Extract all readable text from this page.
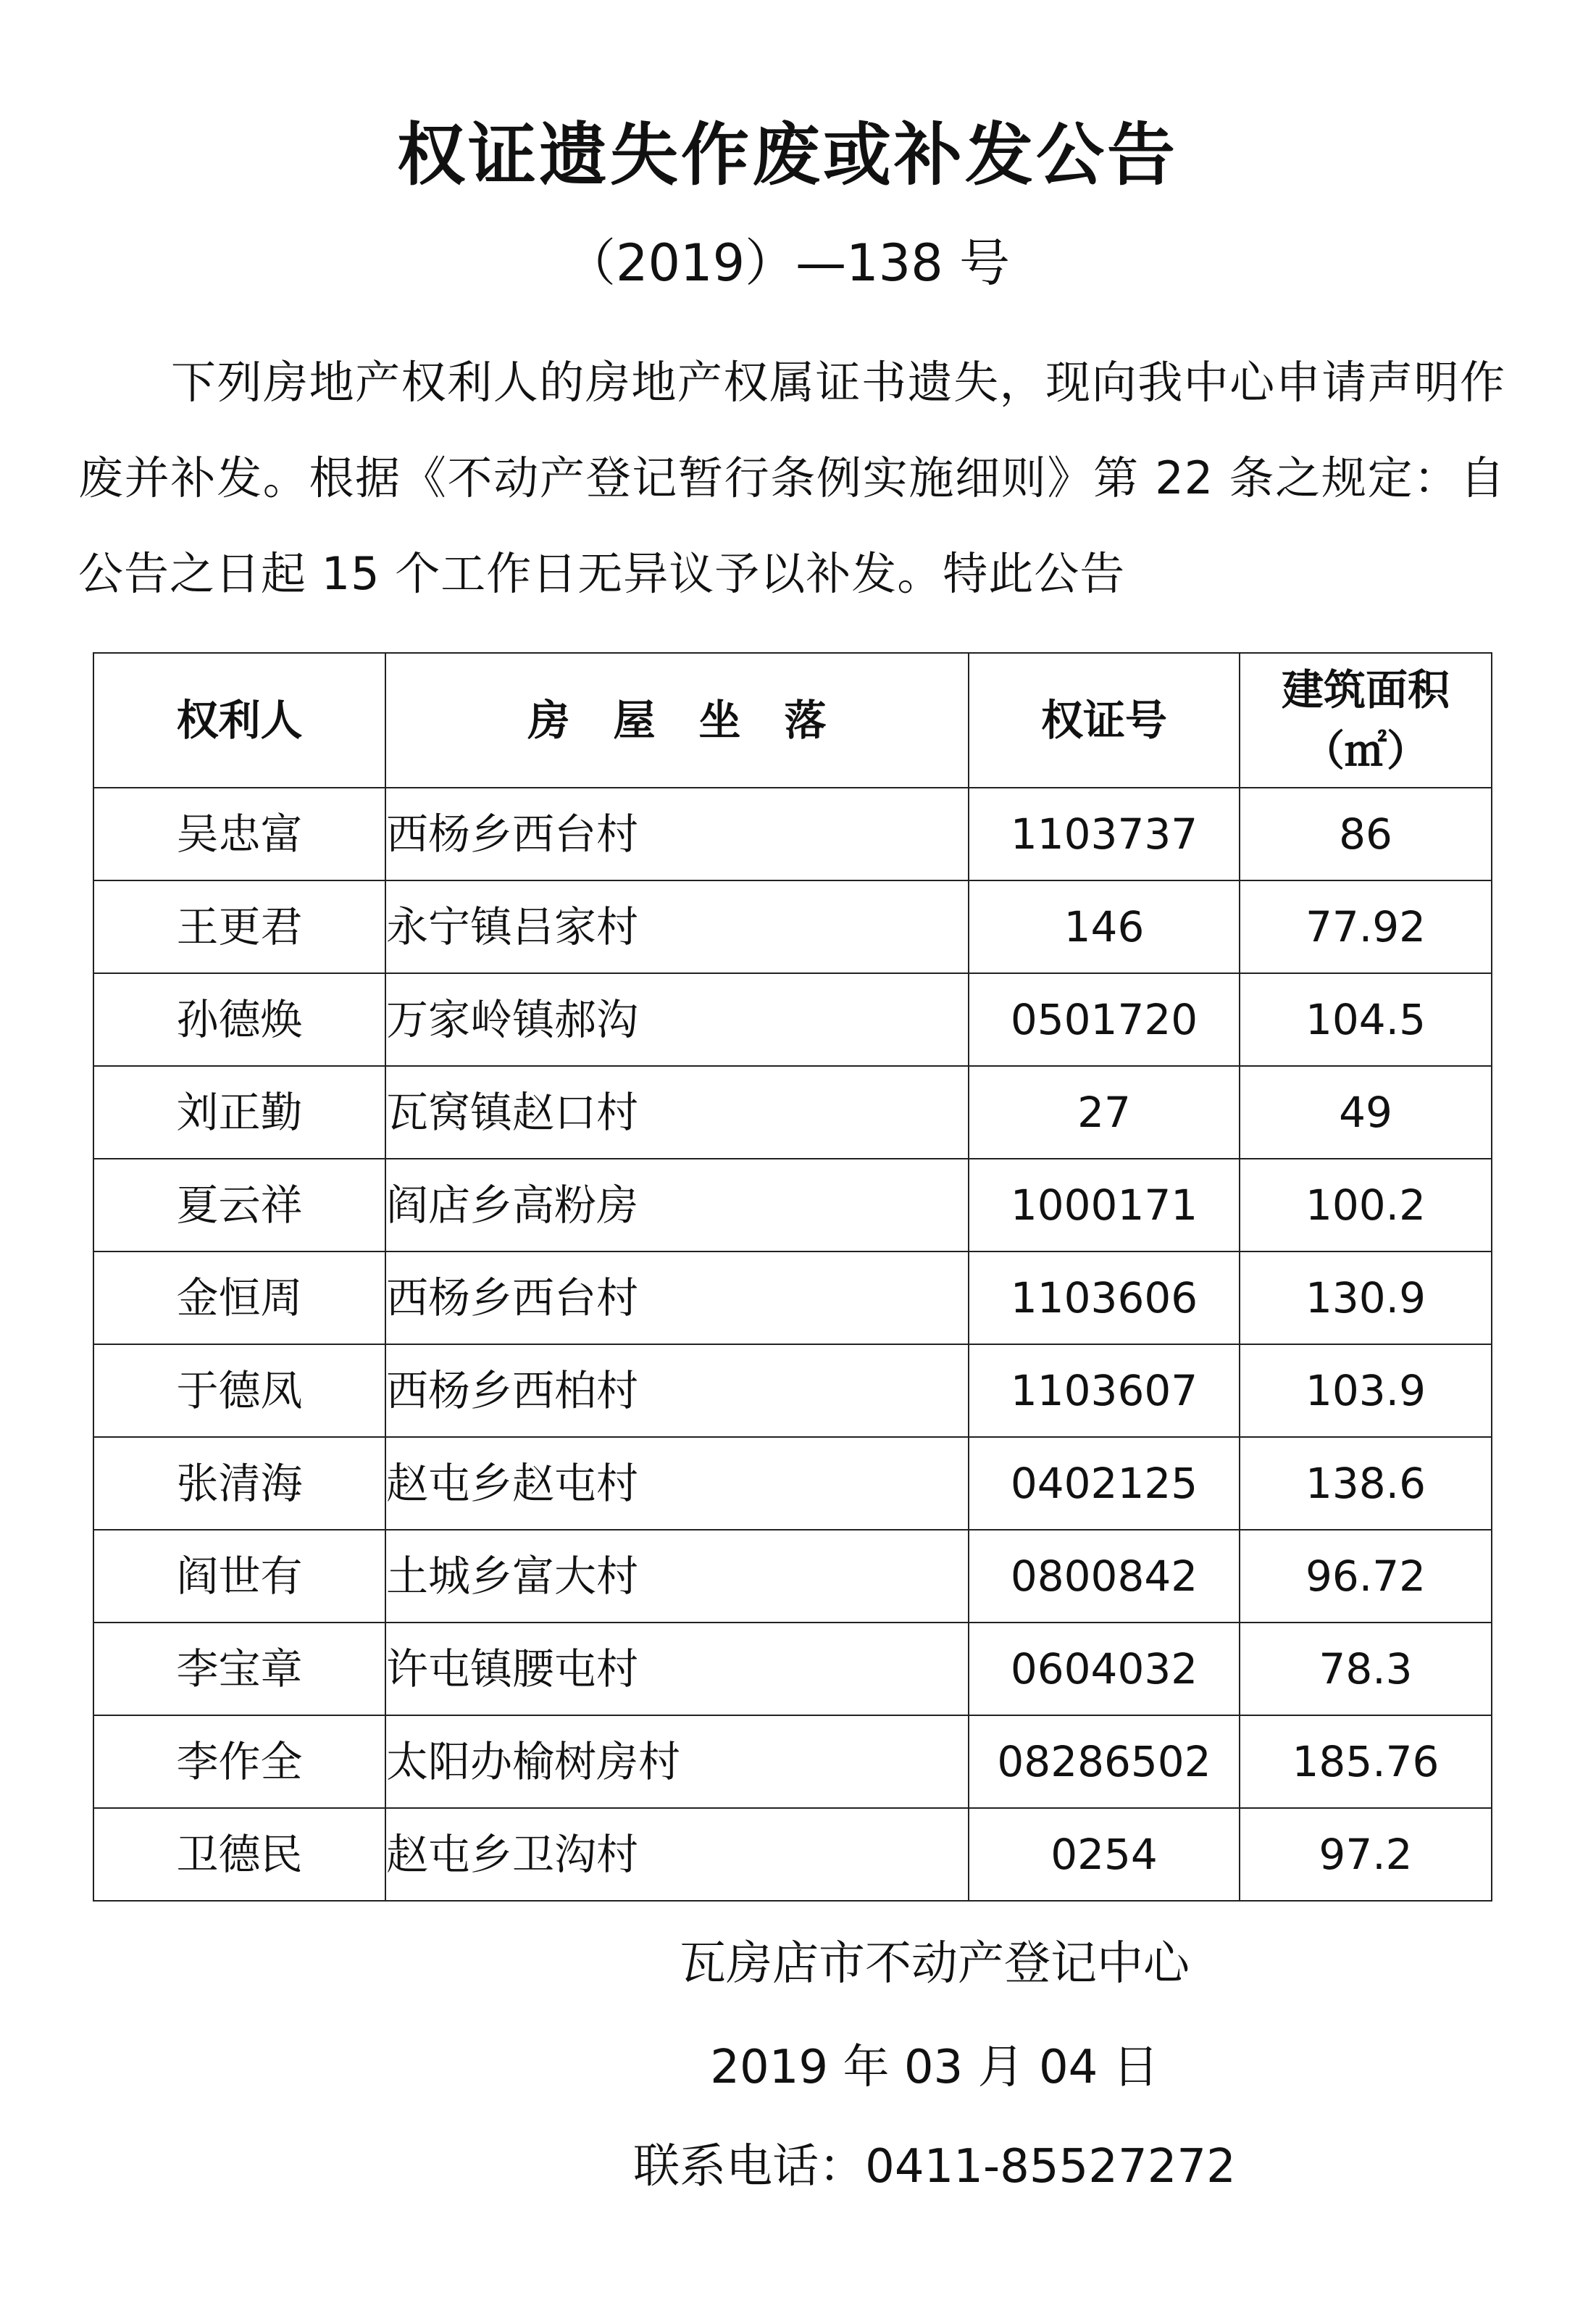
权证遗失作废或补发公告
（2019）—138 号
下列房地产权利人的房地产权属证书遗失，现向我中心申请声明作废并补发。根据《不动产登记暂行条例实施细则》第 22 条之规定：自公告之日起 15 个工作日无异议予以补发。特此公告
权利人	房屋坐落	权证号	建筑面积
（㎡）

吴忠富	西杨乡西台村	1103737	86
王更君	永宁镇吕家村	146	77.92
孙德焕	万家岭镇郝沟	0501720	104.5
刘正勤	瓦窝镇赵口村	27	49
夏云祥	阎店乡高粉房	1000171	100.2
金恒周	西杨乡西台村	1103606	130.9
于德凤	西杨乡西柏村	1103607	103.9
张清海	赵屯乡赵屯村	0402125	138.6
阎世有	土城乡富大村	0800842	96.72
李宝章	许屯镇腰屯村	0604032	78.3
李作全	太阳办榆树房村	08286502	185.76
卫德民	赵屯乡卫沟村	0254	97.2
瓦房店市不动产登记中心
2019 年 03 月 04 日
联系电话：0411-85527272
